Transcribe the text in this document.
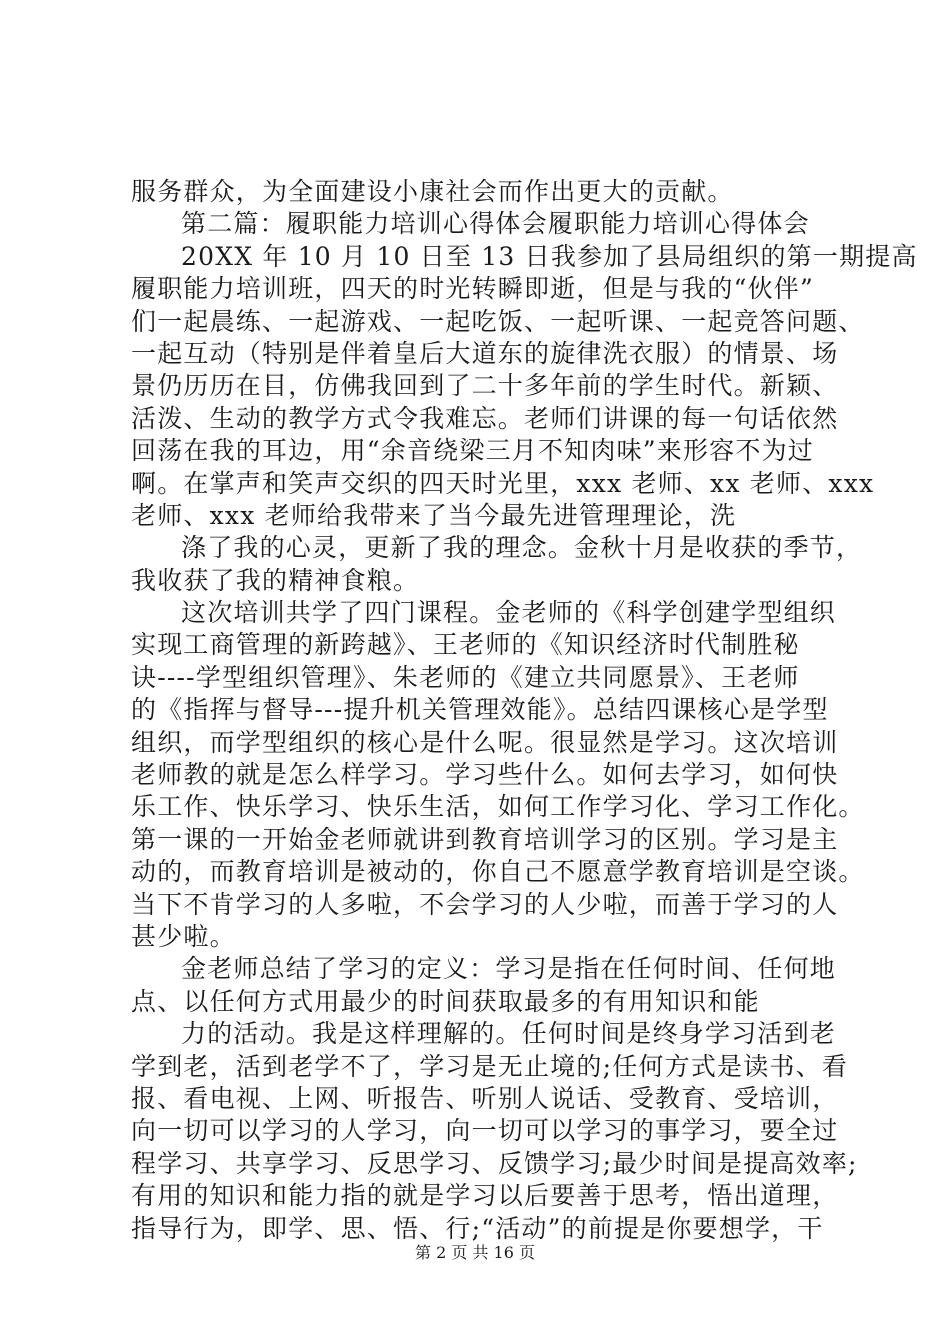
服务群众，为全面建设小康社会而作出更大的贡献。
第二篇：履职能力培训心得体会履职能力培训心得体会
20XX 年 10 月 10 日至 13 日我参加了县局组织的第一期提高
履职能力培训班，四天的时光转瞬即逝，但是与我的“伙伴”
们一起晨练、一起游戏、一起吃饭、一起听课、一起竞答问题、
一起互动（特别是伴着皇后大道东的旋律洗衣服）的情景、场
景仍历历在目，仿佛我回到了二十多年前的学生时代。新颖、
活泼、生动的教学方式令我难忘。老师们讲课的每一句话依然
回荡在我的耳边，用“余音绕梁三月不知肉味”来形容不为过
啊。在掌声和笑声交织的四天时光里，xxx 老师、xx 老师、xxx
老师、xxx 老师给我带来了当今最先进管理理论，洗
涤了我的心灵，更新了我的理念。金秋十月是收获的季节，
我收获了我的精神食粮。
这次培训共学了四门课程。金老师的《科学创建学型组织
实现工商管理的新跨越》、王老师的《知识经济时代制胜秘
诀----学型组织管理》、朱老师的《建立共同愿景》、王老师
的《指挥与督导---提升机关管理效能》。总结四课核心是学型
组织，而学型组织的核心是什么呢。很显然是学习。这次培训
老师教的就是怎么样学习。学习些什么。如何去学习，如何快
乐工作、快乐学习、快乐生活，如何工作学习化、学习工作化。
第一课的一开始金老师就讲到教育培训学习的区别。学习是主
动的，而教育培训是被动的，你自己不愿意学教育培训是空谈。
当下不肯学习的人多啦，不会学习的人少啦，而善于学习的人
甚少啦。
金老师总结了学习的定义：学习是指在任何时间、任何地
点、以任何方式用最少的时间获取最多的有用知识和能
力的活动。我是这样理解的。任何时间是终身学习活到老
学到老，活到老学不了，学习是无止境的;任何方式是读书、看
报、看电视、上网、听报告、听别人说话、受教育、受培训，
向一切可以学习的人学习，向一切可以学习的事学习，要全过
程学习、共享学习、反思学习、反馈学习;最少时间是提高效率;
有用的知识和能力指的就是学习以后要善于思考，悟出道理，
指导行为，即学、思、悟、行;“活动”的前提是你要想学，干
第 2 页 共 16 页
